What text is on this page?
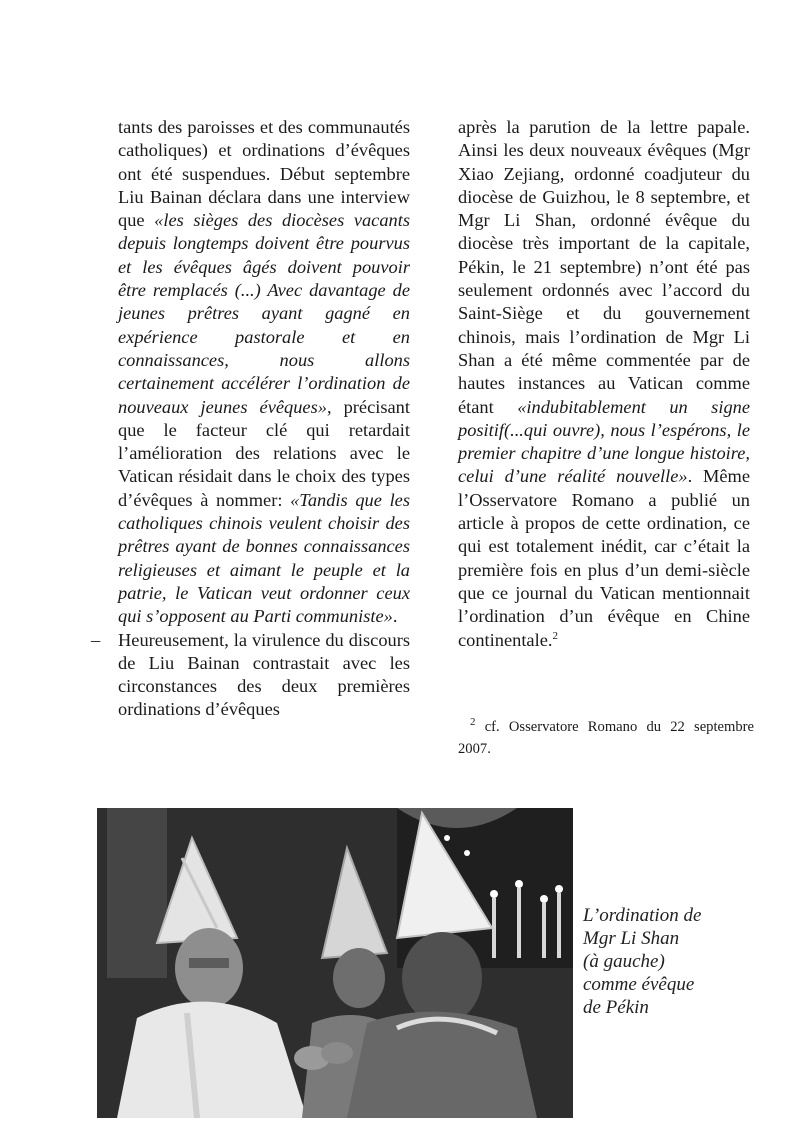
tants des paroisses et des communautés catholiques) et ordinations d’évêques ont été suspendues. Début septembre Liu Bainan déclara dans une interview que «les sièges des diocèses vacants depuis longtemps doivent être pourvus et les évêques âgés doivent pouvoir être remplacés (...) Avec davantage de jeunes prêtres ayant gagné en expérience pastorale et en connaissances, nous allons certainement accélérer l’ordination de nouveaux jeunes évêques», précisant que le facteur clé qui retardait l’amélioration des relations avec le Vatican résidait dans le choix des types d’évêques à nommer: «Tandis que les catholiques chinois veulent choisir des prêtres ayant de bonnes connaissances religieuses et aimant le peuple et la patrie, le Vatican veut ordonner ceux qui s’opposent au Parti communiste».

– Heureusement, la virulence du discours de Liu Bainan contrastait avec les circonstances des deux premières ordinations d’évêques

après la parution de la lettre papale. Ainsi les deux nouveaux évêques (Mgr Xiao Zejiang, ordonné coadjuteur du diocèse de Guizhou, le 8 septembre, et Mgr Li Shan, ordonné évêque du diocèse très important de la capitale, Pékin, le 21 septembre) n’ont été pas seulement ordonnés avec l’accord du Saint-Siège et du gouvernement chinois, mais l’ordination de Mgr Li Shan a été même commentée par de hautes instances au Vatican comme étant «indubitablement un signe positif(...qui ouvre), nous l’espérons, le premier chapitre d’une longue histoire, celui d’une réalité nouvelle». Même l’Osservatore Romano a publié un article à propos de cette ordination, ce qui est totalement inédit, car c’était la première fois en plus d’un demi-siècle que ce journal du Vatican mentionnait l’ordination d’un évêque en Chine continentale.$^2$

$^2$ cf. Osservatore Romano du 22 septembre 2007.
L’ordination de
Mgr Li Shan
(à gauche)
comme évêque
de Pékin
